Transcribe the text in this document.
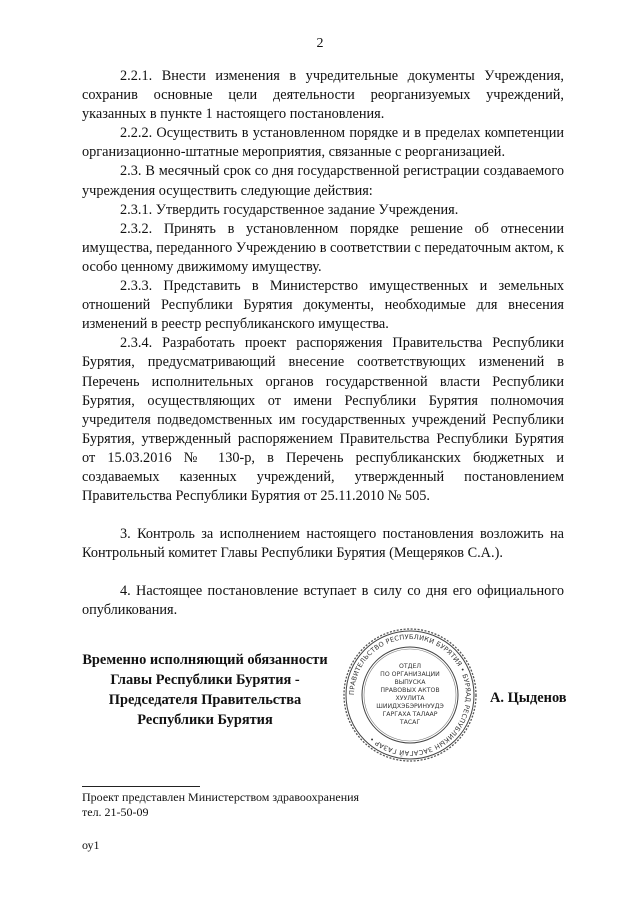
2

2.2.1. Внести изменения в учредительные документы Учреждения, сохранив основные цели деятельности реорганизуемых учреждений, указанных в пункте 1 настоящего постановления.

2.2.2. Осуществить в установленном порядке и в пределах компетенции организационно-штатные мероприятия, связанные с реорганизацией.

2.3. В месячный срок со дня государственной регистрации создаваемого учреждения осуществить следующие действия:

2.3.1. Утвердить государственное задание Учреждения.

2.3.2. Принять в установленном порядке решение об отнесении имущества, переданного Учреждению в соответствии с передаточным актом, к особо ценному движимому имуществу.

2.3.3. Представить в Министерство имущественных и земельных отношений Республики Бурятия документы, необходимые для внесения изменений в реестр республиканского имущества.

2.3.4. Разработать проект распоряжения Правительства Республики Бурятия, предусматривающий внесение соответствующих изменений в Перечень исполнительных органов государственной власти Республики Бурятия, осуществляющих от имени Республики Бурятия полномочия учредителя подведомственных им государственных учреждений Республики Бурятия, утвержденный распоряжением Правительства Республики Бурятия от 15.03.2016 № 130-р, в Перечень республиканских бюджетных и создаваемых казенных учреждений, утвержденный постановлением Правительства Республики Бурятия от 25.11.2010 № 505.

3. Контроль за исполнением настоящего постановления возложить на Контрольный комитет Главы Республики Бурятия (Мещеряков С.А.).

4. Настоящее постановление вступает в силу со дня его официального опубликования.

Временно исполняющий обязанности
Главы Республики Бурятия -
Председателя Правительства
Республики Бурятия
ПРАВИТЕЛЬСТВО РЕСПУБЛИКИ БУРЯТИЯ • БУРЯАД РЕСПУБЛИКЫН ЗАСАГАЙ ГАЗАР •
ОТДЕЛ
ПО ОРГАНИЗАЦИИ
ВЫПУСКА
ПРАВОВЫХ АКТОВ
ХУУЛИТА
ШИИДХЭБЭРИНУУДЭ
ГАРГАХА ТАЛААР
ТАСАГ
А. Цыденов
Проект представлен Министерством здравоохранения
тел. 21-50-09
оу1
